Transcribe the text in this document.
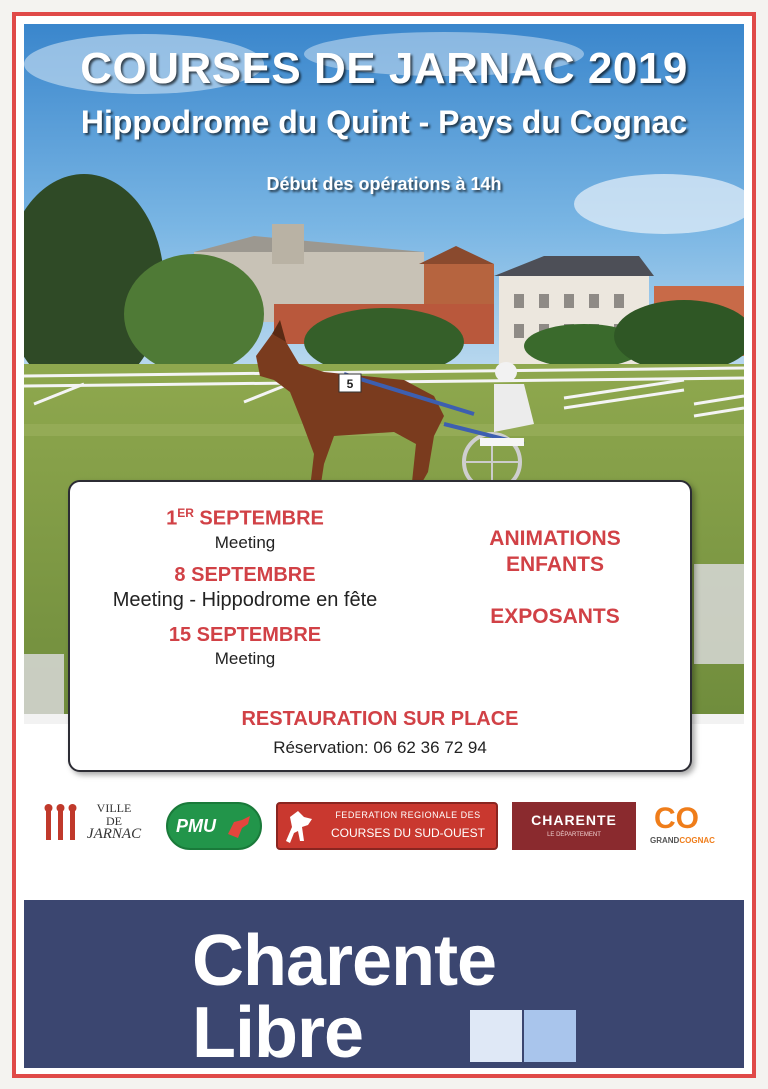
5
COURSES DE JARNAC 2019
Hippodrome du Quint - Pays du Cognac
Début des opérations à 14h
1ER SEPTEMBRE
Meeting
8 SEPTEMBRE
Meeting - Hippodrome en fête
15 SEPTEMBRE
Meeting
ANIMATIONS
ENFANTS
EXPOSANTS
RESTAURATION SUR PLACE
Réservation: 06 62 36 72 94
VILLE
DE
JARNAC PMU
FEDERATION REGIONALE DES
COURSES DU SUD-OUEST
CHARENTE
LE DÉPARTEMENT	CO
GRANDCOGNAC
Charente
Libre
